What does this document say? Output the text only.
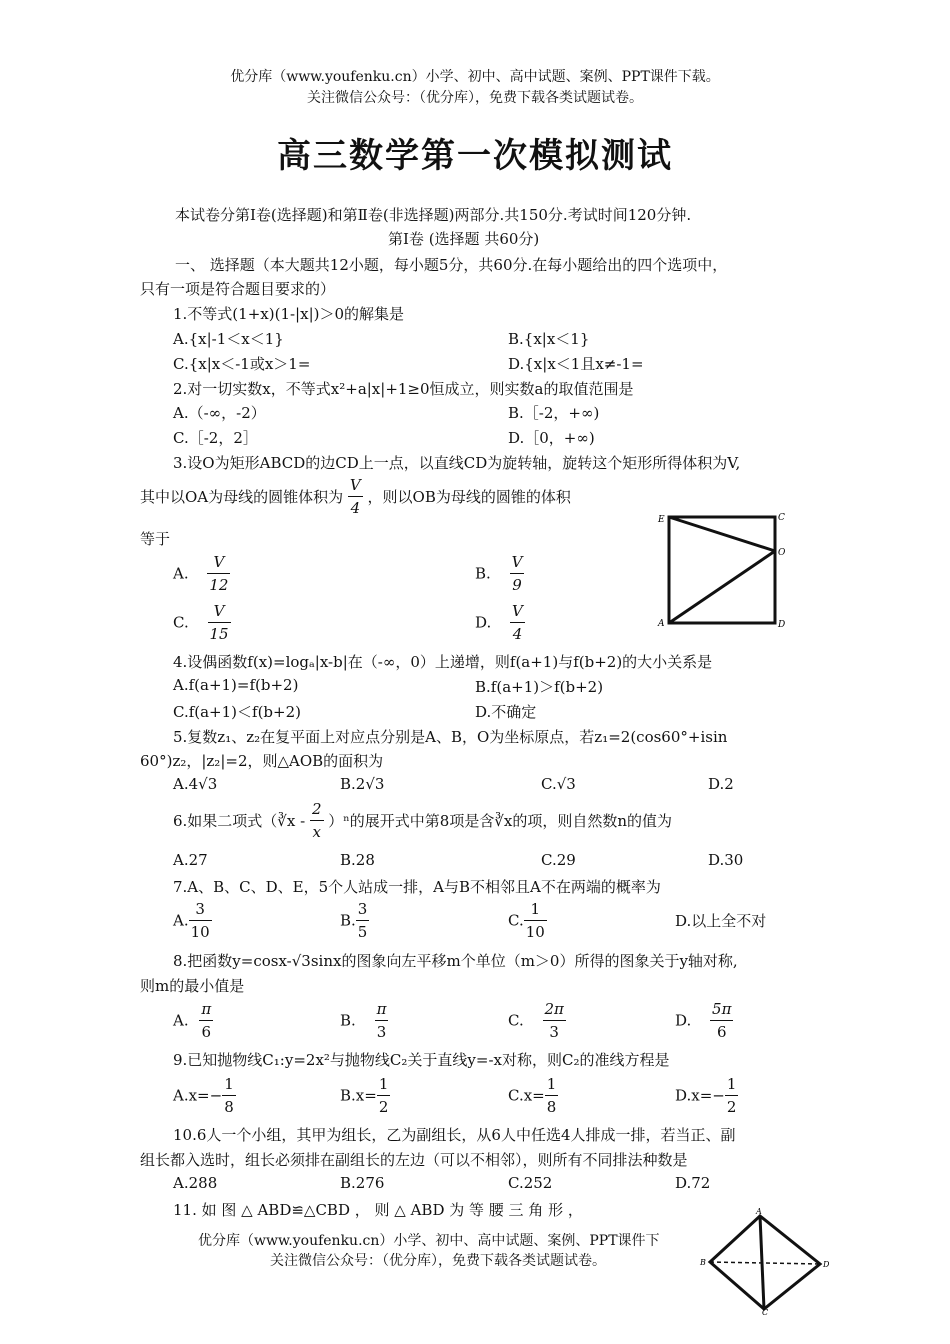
优分库（www.youfenku.cn）小学、初中、高中试题、案例、PPT课件下载。
关注微信公众号：（优分库），免费下载各类试题试卷。
高三数学第一次模拟测试
本试卷分第Ⅰ卷(选择题)和第Ⅱ卷(非选择题)两部分.共150分.考试时间120分钟.
第Ⅰ卷 (选择题 共60分)
一、 选择题（本大题共12小题，每小题5分，共60分.在每小题给出的四个选项中，
只有一项是符合题目要求的）
1.不等式(1+x)(1-|x|)＞0的解集是
A.{x|-1＜x＜1}	B.{x|x＜1}
C.{x|x＜-1或x＞1=	D.{x|x＜1且x≠-1=
2.对一切实数x，不等式x²+a|x|+1≥0恒成立，则实数a的取值范围是
A.（-∞，-2）	B.［-2，+∞)
C.［-2，2］	D.［0，+∞)
3.设O为矩形ABCD的边CD上一点，以直线CD为旋转轴，旋转这个矩形所得体积为V,
其中以OA为母线的圆锥体积为 $\frac{V}{4}$ ，则以OB为母线的圆锥的体积
等于
A. $\frac{V}{12}$	B. $\frac{V}{9}$
C. $\frac{V}{15}$	D. $\frac{V}{4}$
E	C
O
A	D
4.设偶函数f(x)=logₐ|x-b|在（-∞，0）上递增，则f(a+1)与f(b+2)的大小关系是
A.f(a+1)=f(b+2)	B.f(a+1)＞f(b+2)
C.f(a+1)＜f(b+2)	D.不确定
5.复数z₁、z₂在复平面上对应点分别是A、B，O为坐标原点，若z₁=2(cos60°+isin
60°)z₂，|z₂|=2，则△AOB的面积为
A.4√3	B.2√3	C.√3	D.2
6.如果二项式（∛x - $\frac{2}{x} )^n$的展开式中第8项是含∛x的项，则自然数n的值为
A.27	B.28	C.29	D.30
7.A、B、C、D、E，5个人站成一排，A与B不相邻且A不在两端的概率为
A. $\frac{3}{10}$	B. $\frac{3}{5}$	C. $\frac{1}{10}$	D.以上全不对
8.把函数y=cosx-√3sinx的图象向左平移m个单位（m＞0）所得的图象关于y轴对称,
则m的最小值是
A. $\frac{\pi}{6}$	B. $\frac{\pi}{3}$	C. $\frac{2\pi}{3}$	D. $\frac{5\pi}{6}$
9.已知抛物线C₁:y=2x²与抛物线C₂关于直线y=-x对称，则C₂的准线方程是
$A.x=- \frac{1}{8}$	$B.x= \frac{1}{2}$	$C.x= \frac{1}{8}$	$D.x=- \frac{1}{2}$
10.6人一个小组，其甲为组长，乙为副组长，从6人中任选4人排成一排，若当正、副
组长都入选时，组长必须排在副组长的左边（可以不相邻），则所有不同排法种数是
A.288	B.276	C.252	D.72
11. 如 图 △ ABD≌△CBD ， 则 △ ABD 为 等 腰 三 角 形 ，	A
B
C
D
优分库（www.youfenku.cn）小学、初中、高中试题、案例、PPT课件下
关注微信公众号：（优分库），免费下载各类试题试卷。
